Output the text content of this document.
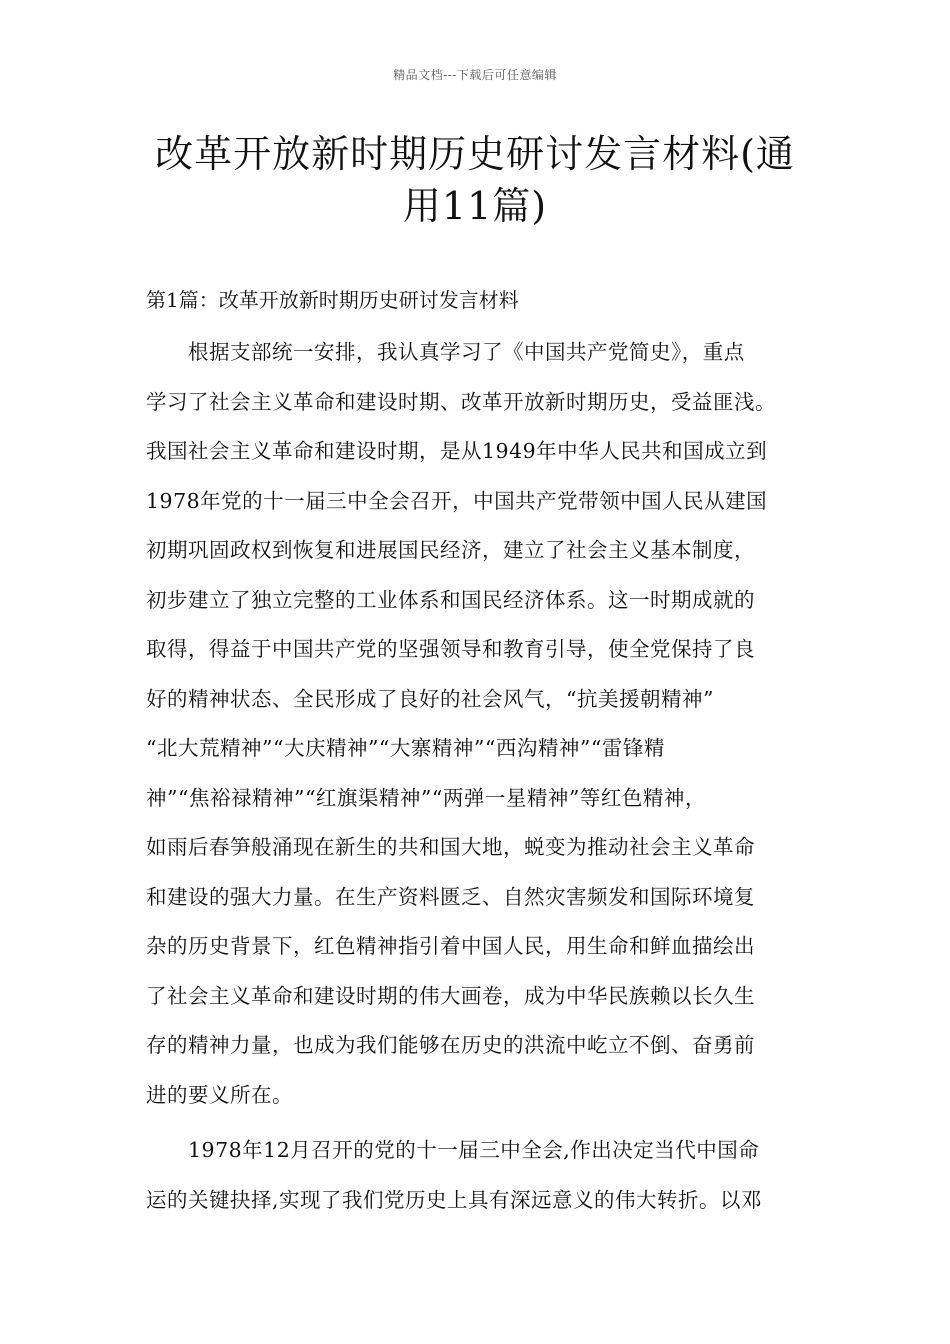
精品文档---下载后可任意编辑
改革开放新时期历史研讨发言材料(通
用11篇)
第1篇：改革开放新时期历史研讨发言材料
根据支部统一安排，我认真学习了《中国共产党简史》，重点
学习了社会主义革命和建设时期、改革开放新时期历史，受益匪浅。
我国社会主义革命和建设时期，是从1949年中华人民共和国成立到
1978年党的十一届三中全会召开，中国共产党带领中国人民从建国
初期巩固政权到恢复和进展国民经济，建立了社会主义基本制度，
初步建立了独立完整的工业体系和国民经济体系。这一时期成就的
取得，得益于中国共产党的坚强领导和教育引导，使全党保持了良
好的精神状态、全民形成了良好的社会风气，“抗美援朝精神”
“北大荒精神”“大庆精神”“大寨精神”“西沟精神”“雷锋精
神”“焦裕禄精神”“红旗渠精神”“两弹一星精神”等红色精神，
如雨后春笋般涌现在新生的共和国大地，蜕变为推动社会主义革命
和建设的强大力量。在生产资料匮乏、自然灾害频发和国际环境复
杂的历史背景下，红色精神指引着中国人民，用生命和鲜血描绘出
了社会主义革命和建设时期的伟大画卷，成为中华民族赖以长久生
存的精神力量，也成为我们能够在历史的洪流中屹立不倒、奋勇前
进的要义所在。
1978年12月召开的党的十一届三中全会,作出决定当代中国命
运的关键抉择,实现了我们党历史上具有深远意义的伟大转折。以邓
